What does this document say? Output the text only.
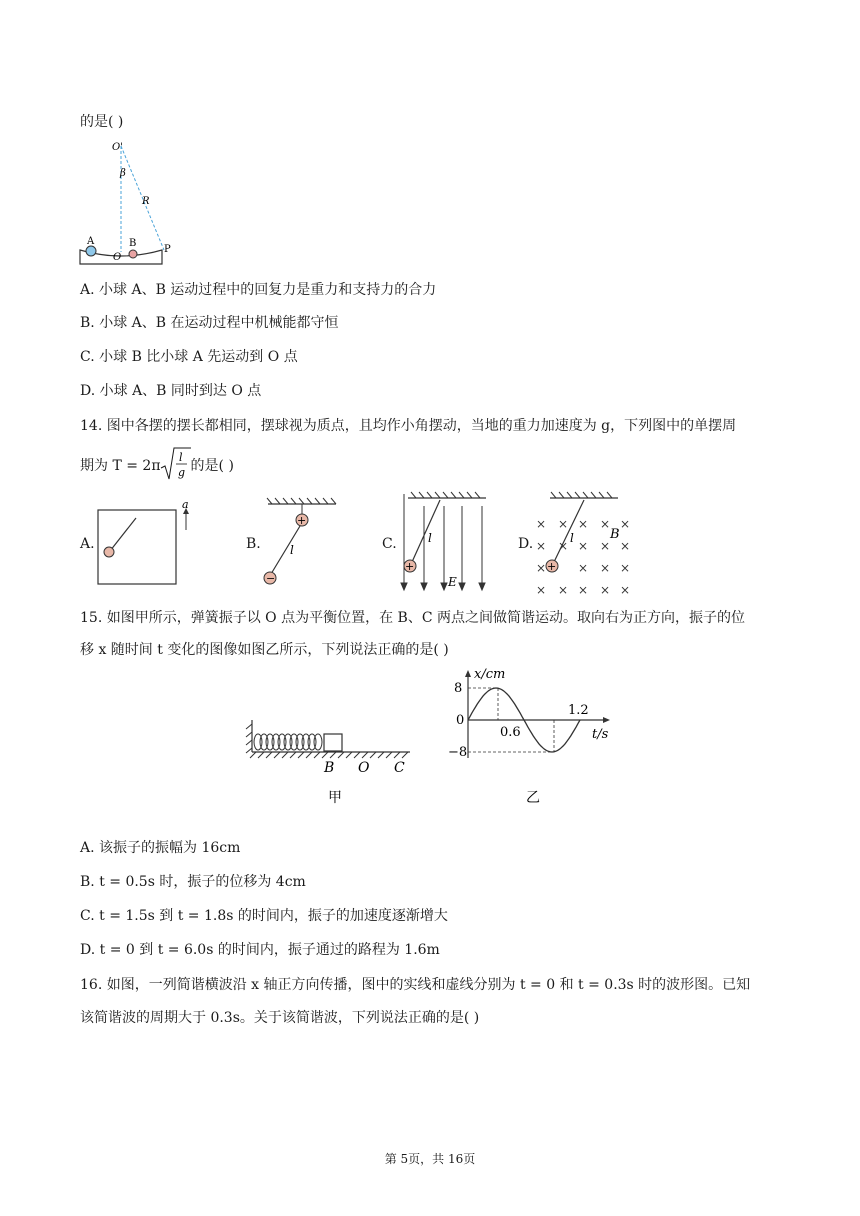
的是( )
O'
β
R
A
O
B
P
A. 小球 A、B 运动过程中的回复力是重力和支持力的合力
B. 小球 A、B 在运动过程中机械能都守恒
C. 小球 B 比小球 A 先运动到 O 点
D. 小球 A、B 同时到达 O 点
14. 图中各摆的摆长都相同，摆球视为质点，且均作小角摆动，当地的重力加速度为 g，下列图中的单摆周
期为 T = 2π
l
g 的是( )
A.
a
B.
+
−
l	C.
+
l
E
D.
× × × × ×
× × × × ×
×	× × ×
× × × × ×
+
l	B
15. 如图甲所示，弹簧振子以 O 点为平衡位置，在 B、C 两点之间做简谐运动。取向右为正方向，振子的位
移 x 随时间 t 变化的图像如图乙所示，下列说法正确的是( )
B O C
甲
x/cm
t/s
8
0
−8
0.6
1.2
乙
A. 该振子的振幅为 16cm
B. t = 0.5s 时，振子的位移为 4cm
C. t = 1.5s 到 t = 1.8s 的时间内，振子的加速度逐渐增大
D. t = 0 到 t = 6.0s 的时间内，振子通过的路程为 1.6m
16. 如图，一列简谐横波沿 x 轴正方向传播，图中的实线和虚线分别为 t = 0 和 t = 0.3s 时的波形图。已知
该简谐波的周期大于 0.3s。关于该简谐波，下列说法正确的是( )
第 5页，共 16页
